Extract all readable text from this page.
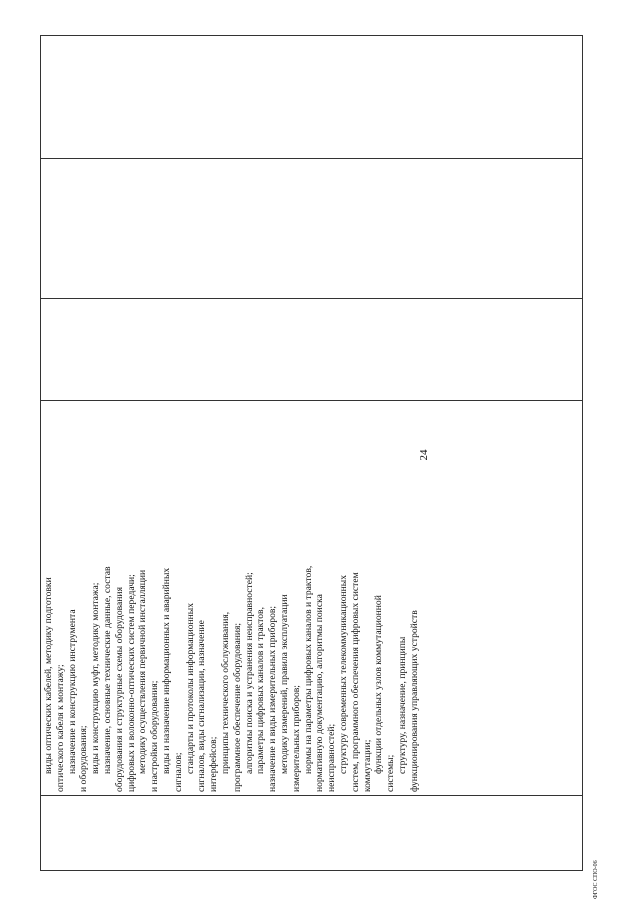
24

виды оптических кабелей, методику подготовки оптического кабеля к монтажу; назначение и конструкцию инструмента и оборудования; виды и конструкцию муфт, методику монтажа; назначение, основные технические данные, состав оборудования и структурные схемы оборудования цифровых и волоконно-оптических систем передачи; методику осуществления первичной инсталляции и настройки оборудования; виды и назначение информационных и аварийных сигналов; стандарты и протоколы информационных сигналов, виды сигнализации, назначение интерфейсов; принципы технического обслуживания, программное обеспечение оборудования; алгоритмы поиска и устранения неисправностей; параметры цифровых каналов и трактов, назначение и виды измерительных приборов; методику измерений, правила эксплуатации измерительных приборов; нормы на параметры цифровых каналов и трактов, нормативную документацию, алгоритмы поиска неисправностей; структуру современных телекоммуникационных систем, программного обеспечения цифровых систем коммутации; функции отдельных узлов коммутационной системы; структуру, назначение, принципы функционирования управляющих устройств

ФГОС СПО-06
